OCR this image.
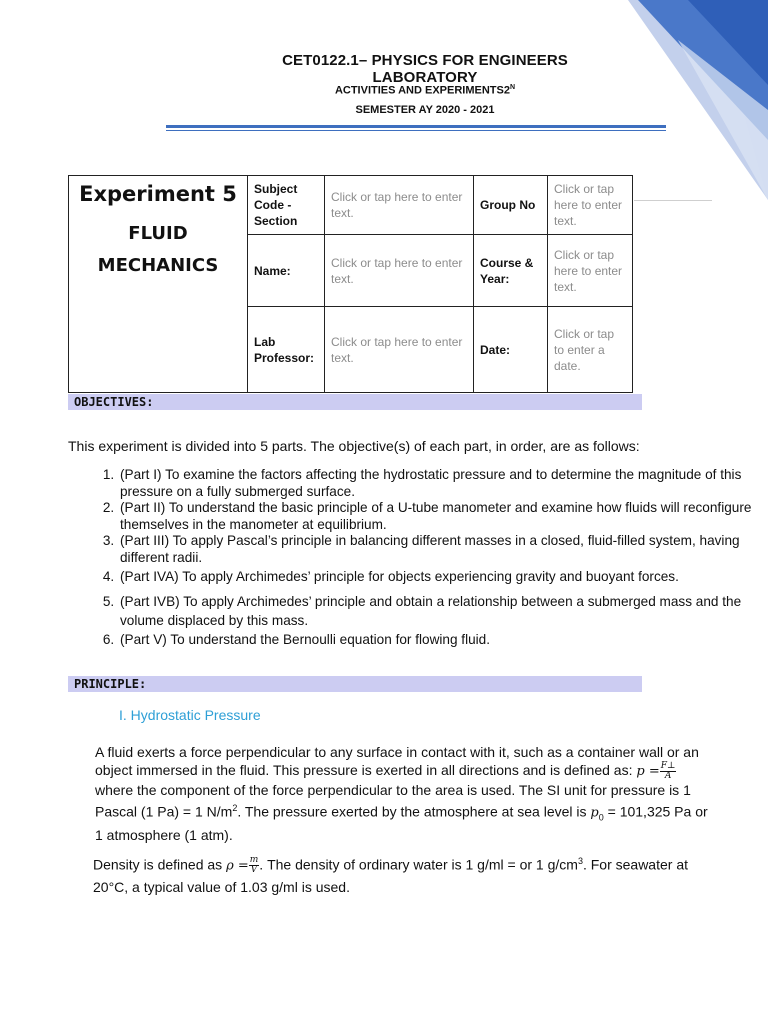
1
CET0122.1– PHYSICS FOR ENGINEERS LABORATORY
ACTIVITIES AND $EXPERIMENTS2^N$
SEMESTER AY 2020 - 2021
Experiment 5
FLUID
MECHANICS	Subject Code - Section	Click or tap here to enter text.	Group No	Click or tap here to enter text.

	Name:	Click or tap here to enter text.	Course & Year:	Click or tap here to enter text.

	Lab Professor:	Click or tap here to enter text.	Date:	Click or tap to enter a date.
OBJECTIVES:
This experiment is divided into 5 parts. The objective(s) of each part, in order, are as follows:
1. (Part I) To examine the factors affecting the hydrostatic pressure and to determine the magnitude of this pressure on a fully submerged surface.
2. (Part II) To understand the basic principle of a U-tube manometer and examine how fluids will reconfigure themselves in the manometer at equilibrium.
3. (Part III) To apply Pascal’s principle in balancing different masses in a closed, fluid-filled system, having different radii.
4. (Part IVA) To apply Archimedes’ principle for objects experiencing gravity and buoyant forces.
5. (Part IVB) To apply Archimedes’ principle and obtain a relationship between a submerged mass and the volume displaced by this mass.
6. (Part V) To understand the Bernoulli equation for flowing fluid.
PRINCIPLE:
I. Hydrostatic Pressure
A fluid exerts a force perpendicular to any surface in contact with it, such as a container wall or an object immersed in the fluid. This pressure is exerted in all directions and is defined as: $p = \frac{F\perp}{A}$
where the component of the force perpendicular to the area is used. The SI unit for pressure is 1 Pascal (1 Pa) = 1 $N/m^2$. The pressure exerted by the atmosphere at sea level is $p_0 = 101,325$ Pa or 1 atmosphere (1 atm).
Density is defined as $\rho = \frac{m}{V}$ . The density of ordinary water is 1 g/ml = or 1 $g/cm^3$. For seawater at 20°C, a typical value of 1.03 g/ml is used.
